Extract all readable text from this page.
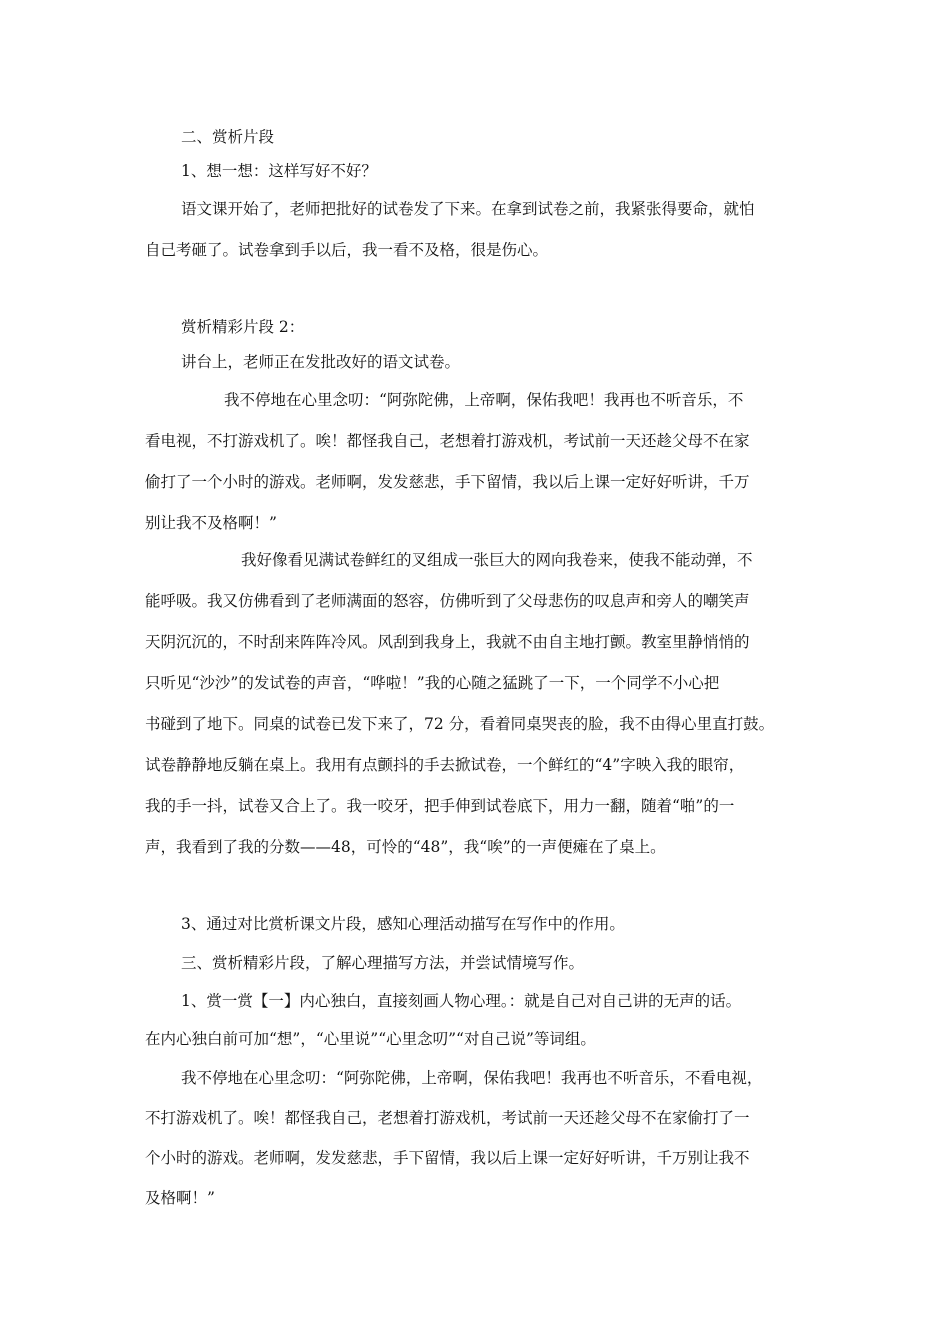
二、赏析片段
1、想一想：这样写好不好？
语文课开始了，老师把批好的试卷发了下来。在拿到试卷之前，我紧张得要命，就怕
自己考砸了。试卷拿到手以后，我一看不及格，很是伤心。
赏析精彩片段 2：
讲台上，老师正在发批改好的语文试卷。
我不停地在心里念叨：“阿弥陀佛，上帝啊，保佑我吧！我再也不听音乐，不
看电视，不打游戏机了。唉！都怪我自己，老想着打游戏机，考试前一天还趁父母不在家
偷打了一个小时的游戏。老师啊，发发慈悲，手下留情，我以后上课一定好好听讲，千万
别让我不及格啊！”
我好像看见满试卷鲜红的叉组成一张巨大的网向我卷来，使我不能动弹，不
能呼吸。我又仿佛看到了老师满面的怒容，仿佛听到了父母悲伤的叹息声和旁人的嘲笑声
天阴沉沉的，不时刮来阵阵冷风。风刮到我身上，我就不由自主地打颤。教室里静悄悄的
只听见“沙沙”的发试卷的声音，“哗啦！”我的心随之猛跳了一下，一个同学不小心把
书碰到了地下。同桌的试卷已发下来了，72 分，看着同桌哭丧的脸，我不由得心里直打鼓。
试卷静静地反躺在桌上。我用有点颤抖的手去掀试卷，一个鲜红的“4”字映入我的眼帘，
我的手一抖，试卷又合上了。我一咬牙，把手伸到试卷底下，用力一翻，随着“啪”的一
声，我看到了我的分数——48，可怜的“48”，我“唉”的一声便瘫在了桌上。
3、通过对比赏析课文片段，感知心理活动描写在写作中的作用。
三、赏析精彩片段，了解心理描写方法，并尝试情境写作。
1、赏一赏【一】内心独白，直接刻画人物心理。：就是自己对自己讲的无声的话。
在内心独白前可加“想”，“心里说”“心里念叨”“对自己说”等词组。
我不停地在心里念叨：“阿弥陀佛，上帝啊，保佑我吧！我再也不听音乐，不看电视，
不打游戏机了。唉！都怪我自己，老想着打游戏机，考试前一天还趁父母不在家偷打了一
个小时的游戏。老师啊，发发慈悲，手下留情，我以后上课一定好好听讲，千万别让我不
及格啊！”
